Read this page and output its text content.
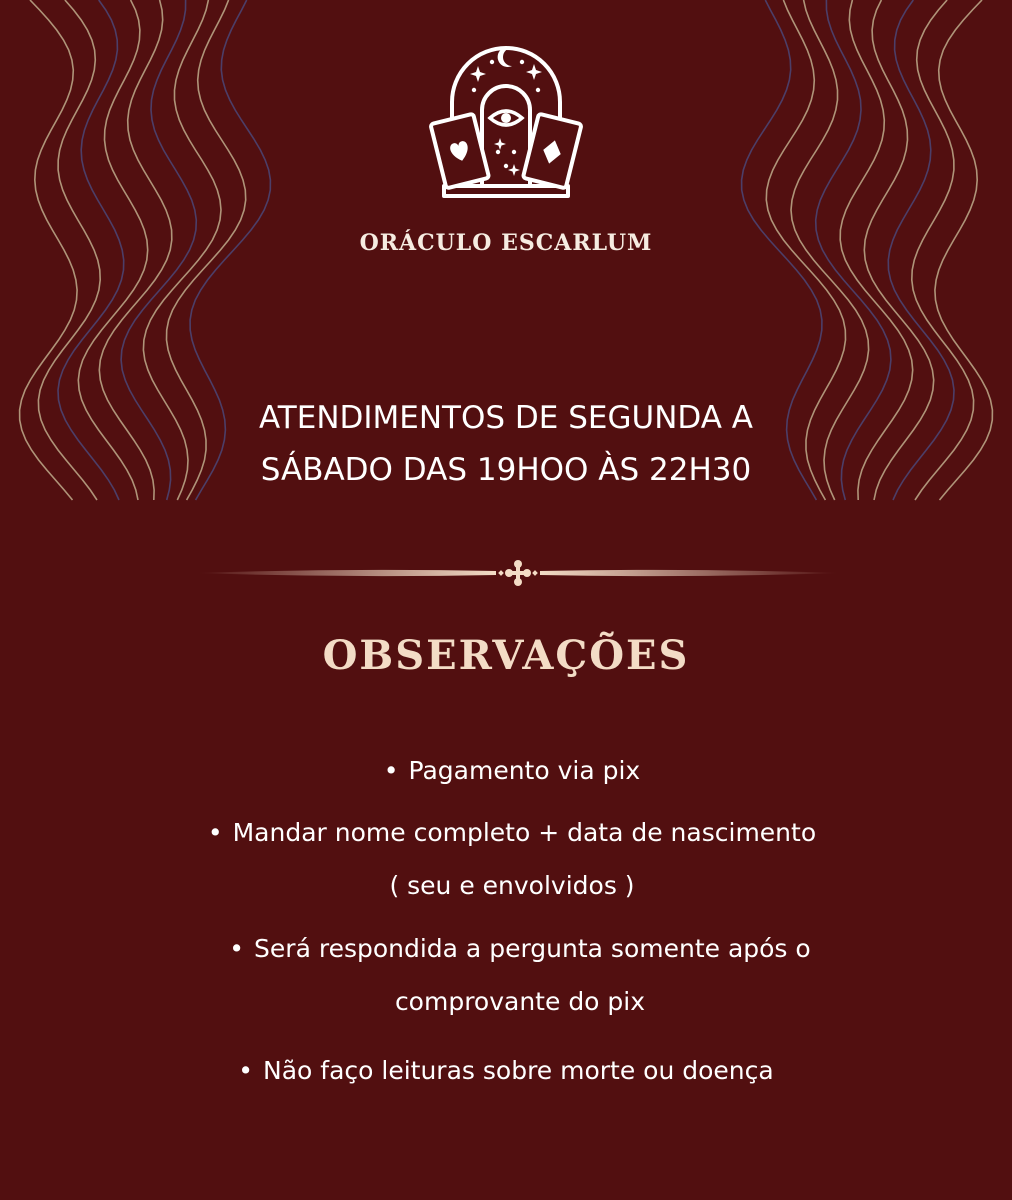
ORÁCULO ESCARLUM
ATENDIMENTOS DE SEGUNDA A
SÁBADO DAS 19HOO ÀS 22H30
OBSERVAÇÕES
• Pagamento via pix
• Mandar nome completo + data de nascimento
( seu e envolvidos )
• Será respondida a pergunta somente após o
comprovante do pix
• Não faço leituras sobre morte ou doença
